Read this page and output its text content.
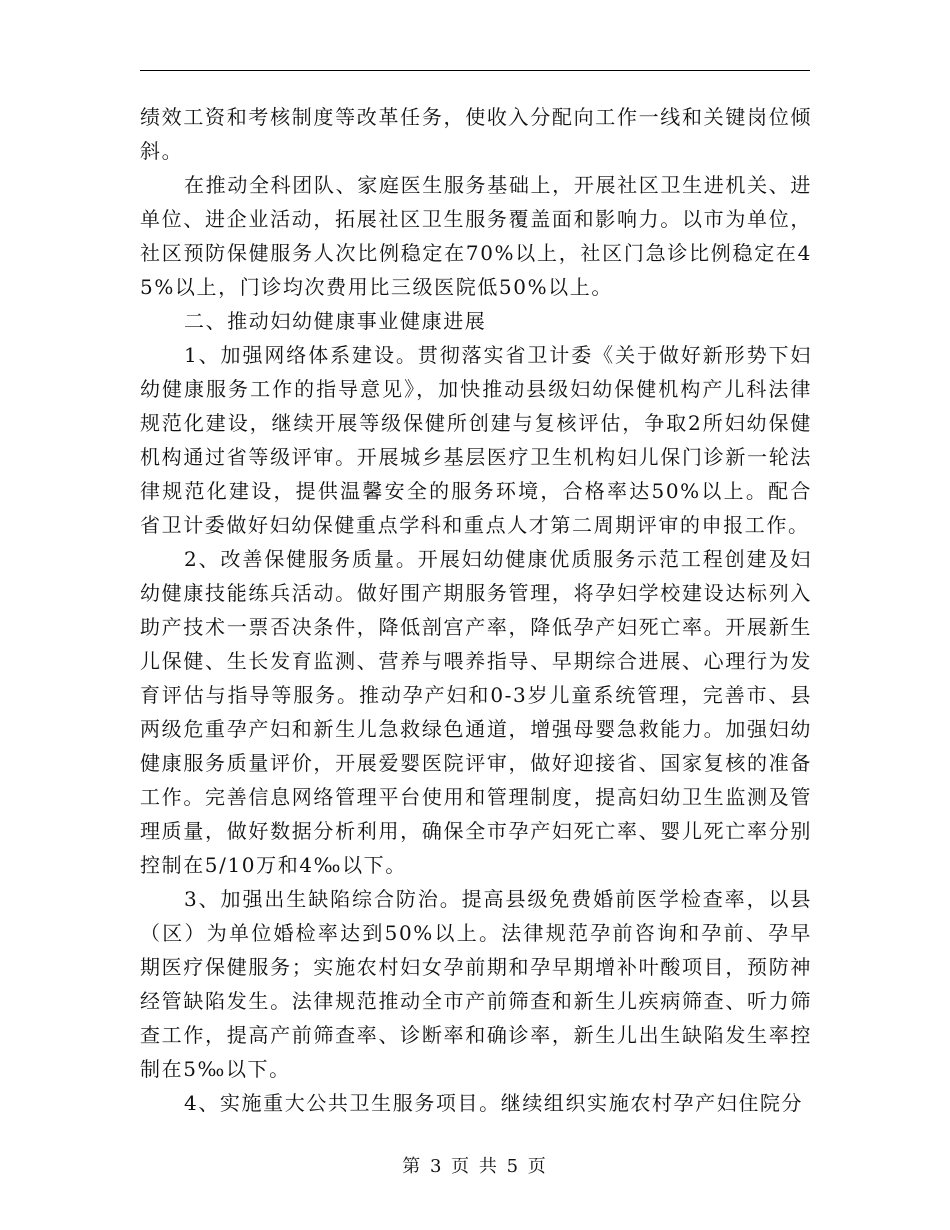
绩效工资和考核制度等改革任务，使收入分配向工作一线和关键岗位倾斜。

在推动全科团队、家庭医生服务基础上，开展社区卫生进机关、进单位、进企业活动，拓展社区卫生服务覆盖面和影响力。以市为单位，社区预防保健服务人次比例稳定在70%以上，社区门急诊比例稳定在45%以上，门诊均次费用比三级医院低50%以上。

二、推动妇幼健康事业健康进展

1、加强网络体系建设。贯彻落实省卫计委《关于做好新形势下妇幼健康服务工作的指导意见》，加快推动县级妇幼保健机构产儿科法律规范化建设，继续开展等级保健所创建与复核评估，争取2所妇幼保健机构通过省等级评审。开展城乡基层医疗卫生机构妇儿保门诊新一轮法律规范化建设，提供温馨安全的服务环境，合格率达50%以上。配合省卫计委做好妇幼保健重点学科和重点人才第二周期评审的申报工作。

2、改善保健服务质量。开展妇幼健康优质服务示范工程创建及妇幼健康技能练兵活动。做好围产期服务管理，将孕妇学校建设达标列入助产技术一票否决条件，降低剖宫产率，降低孕产妇死亡率。开展新生儿保健、生长发育监测、营养与喂养指导、早期综合进展、心理行为发育评估与指导等服务。推动孕产妇和0-3岁儿童系统管理，完善市、县两级危重孕产妇和新生儿急救绿色通道，增强母婴急救能力。加强妇幼健康服务质量评价，开展爱婴医院评审，做好迎接省、国家复核的准备工作。完善信息网络管理平台使用和管理制度，提高妇幼卫生监测及管理质量，做好数据分析利用，确保全市孕产妇死亡率、婴儿死亡率分别控制在5/10万和4‰以下。

3、加强出生缺陷综合防治。提高县级免费婚前医学检查率，以县（区）为单位婚检率达到50%以上。法律规范孕前咨询和孕前、孕早期医疗保健服务；实施农村妇女孕前期和孕早期增补叶酸项目，预防神经管缺陷发生。法律规范推动全市产前筛查和新生儿疾病筛查、听力筛查工作，提高产前筛查率、诊断率和确诊率，新生儿出生缺陷发生率控制在5‰以下。

4、实施重大公共卫生服务项目。继续组织实施农村孕产妇住院分

第 3 页 共 5 页
